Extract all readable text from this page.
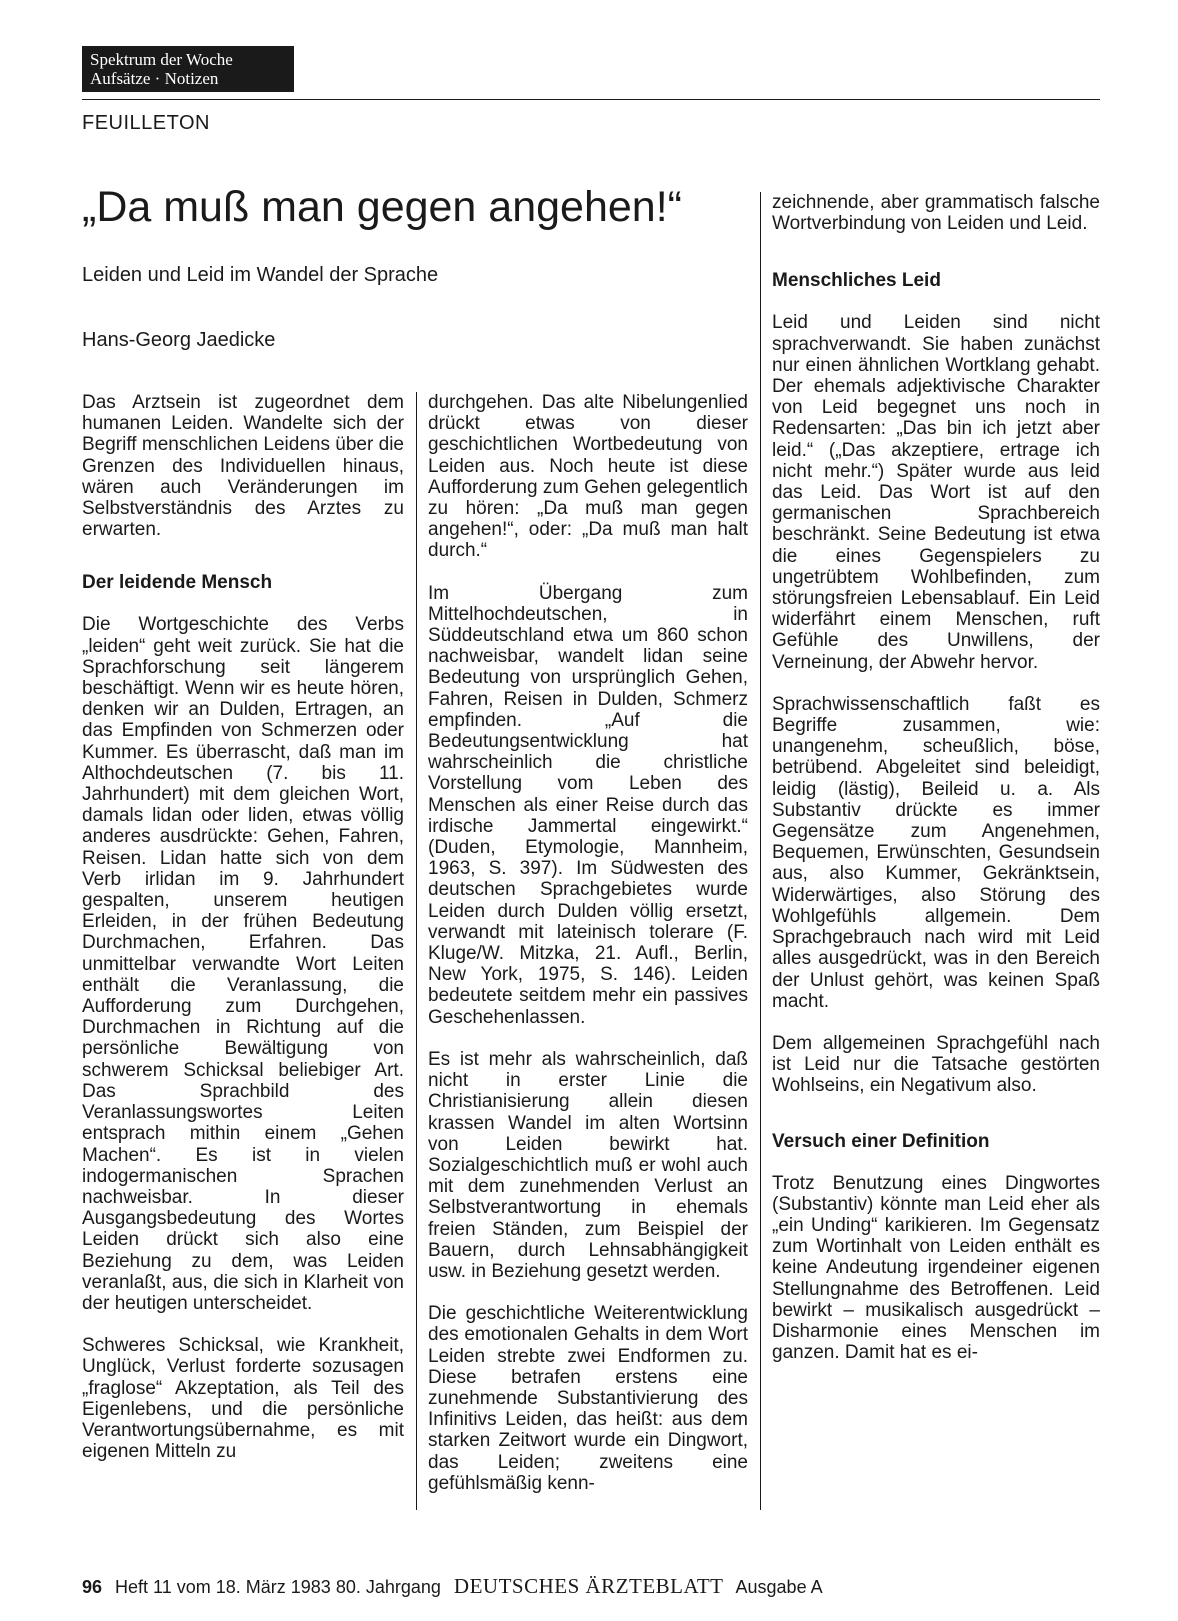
Spektrum der Woche
Aufsätze · Notizen
FEUILLETON
„Da muß man gegen angehen!“
Leiden und Leid im Wandel der Sprache
Hans-Georg Jaedicke

Das Arztsein ist zugeordnet dem humanen Leiden. Wandelte sich der Begriff menschlichen Leidens über die Grenzen des Individuellen hinaus, wären auch Veränderungen im Selbstverständnis des Arztes zu erwarten.

Der leidende Mensch

Die Wortgeschichte des Verbs „leiden“ geht weit zurück. Sie hat die Sprachforschung seit längerem beschäftigt. Wenn wir es heute hören, denken wir an Dulden, Ertragen, an das Empfinden von Schmerzen oder Kummer. Es überrascht, daß man im Althochdeutschen (7. bis 11. Jahrhundert) mit dem gleichen Wort, damals lidan oder liden, etwas völlig anderes ausdrückte: Gehen, Fahren, Reisen. Lidan hatte sich von dem Verb irlidan im 9. Jahrhundert gespalten, unserem heutigen Erleiden, in der frühen Bedeutung Durchmachen, Erfahren. Das unmittelbar verwandte Wort Leiten enthält die Veranlassung, die Aufforderung zum Durchgehen, Durchmachen in Richtung auf die persönliche Bewältigung von schwerem Schicksal beliebiger Art. Das Sprachbild des Veranlassungswortes Leiten entsprach mithin einem „Gehen Machen“. Es ist in vielen indogermanischen Sprachen nachweisbar. In dieser Ausgangsbedeutung des Wortes Leiden drückt sich also eine Beziehung zu dem, was Leiden veranlaßt, aus, die sich in Klarheit von der heutigen unterscheidet.

Schweres Schicksal, wie Krankheit, Unglück, Verlust forderte sozusagen „fraglose“ Akzeptation, als Teil des Eigenlebens, und die persönliche Verantwortungsübernahme, es mit eigenen Mitteln zu

durchgehen. Das alte Nibelungenlied drückt etwas von dieser geschichtlichen Wortbedeutung von Leiden aus. Noch heute ist diese Aufforderung zum Gehen gelegentlich zu hören: „Da muß man gegen angehen!“, oder: „Da muß man halt durch.“

Im Übergang zum Mittelhochdeutschen, in Süddeutschland etwa um 860 schon nachweisbar, wandelt lidan seine Bedeutung von ursprünglich Gehen, Fahren, Reisen in Dulden, Schmerz empfinden. „Auf die Bedeutungsentwicklung hat wahrscheinlich die christliche Vorstellung vom Leben des Menschen als einer Reise durch das irdische Jammertal eingewirkt.“ (Duden, Etymologie, Mannheim, 1963, S. 397). Im Südwesten des deutschen Sprachgebietes wurde Leiden durch Dulden völlig ersetzt, verwandt mit lateinisch tolerare (F. Kluge/W. Mitzka, 21. Aufl., Berlin, New York, 1975, S. 146). Leiden bedeutete seitdem mehr ein passives Geschehenlassen.

Es ist mehr als wahrscheinlich, daß nicht in erster Linie die Christianisierung allein diesen krassen Wandel im alten Wortsinn von Leiden bewirkt hat. Sozialgeschichtlich muß er wohl auch mit dem zunehmenden Verlust an Selbstverantwortung in ehemals freien Ständen, zum Beispiel der Bauern, durch Lehnsabhängigkeit usw. in Beziehung gesetzt werden.

Die geschichtliche Weiterentwicklung des emotionalen Gehalts in dem Wort Leiden strebte zwei Endformen zu. Diese betrafen erstens eine zunehmende Substantivierung des Infinitivs Leiden, das heißt: aus dem starken Zeitwort wurde ein Dingwort, das Leiden; zweitens eine gefühlsmäßig kenn-

zeichnende, aber grammatisch falsche Wortverbindung von Leiden und Leid.

Menschliches Leid

Leid und Leiden sind nicht sprachverwandt. Sie haben zunächst nur einen ähnlichen Wortklang gehabt. Der ehemals adjektivische Charakter von Leid begegnet uns noch in Redensarten: „Das bin ich jetzt aber leid.“ („Das akzeptiere, ertrage ich nicht mehr.“) Später wurde aus leid das Leid. Das Wort ist auf den germanischen Sprachbereich beschränkt. Seine Bedeutung ist etwa die eines Gegenspielers zu ungetrübtem Wohlbefinden, zum störungsfreien Lebensablauf. Ein Leid widerfährt einem Menschen, ruft Gefühle des Unwillens, der Verneinung, der Abwehr hervor.

Sprachwissenschaftlich faßt es Begriffe zusammen, wie: unangenehm, scheußlich, böse, betrübend. Abgeleitet sind beleidigt, leidig (lästig), Beileid u. a. Als Substantiv drückte es immer Gegensätze zum Angenehmen, Bequemen, Erwünschten, Gesundsein aus, also Kummer, Gekränktsein, Widerwärtiges, also Störung des Wohlgefühls allgemein. Dem Sprachgebrauch nach wird mit Leid alles ausgedrückt, was in den Bereich der Unlust gehört, was keinen Spaß macht.

Dem allgemeinen Sprachgefühl nach ist Leid nur die Tatsache gestörten Wohlseins, ein Negativum also.

Versuch einer Definition

Trotz Benutzung eines Dingwortes (Substantiv) könnte man Leid eher als „ein Unding“ karikieren. Im Gegensatz zum Wortinhalt von Leiden enthält es keine Andeutung irgendeiner eigenen Stellungnahme des Betroffenen. Leid bewirkt – musikalisch ausgedrückt – Disharmonie eines Menschen im ganzen. Damit hat es ei-

96 Heft 11 vom 18. März 1983 80. Jahrgang DEUTSCHES ÄRZTEBLATT Ausgabe A
